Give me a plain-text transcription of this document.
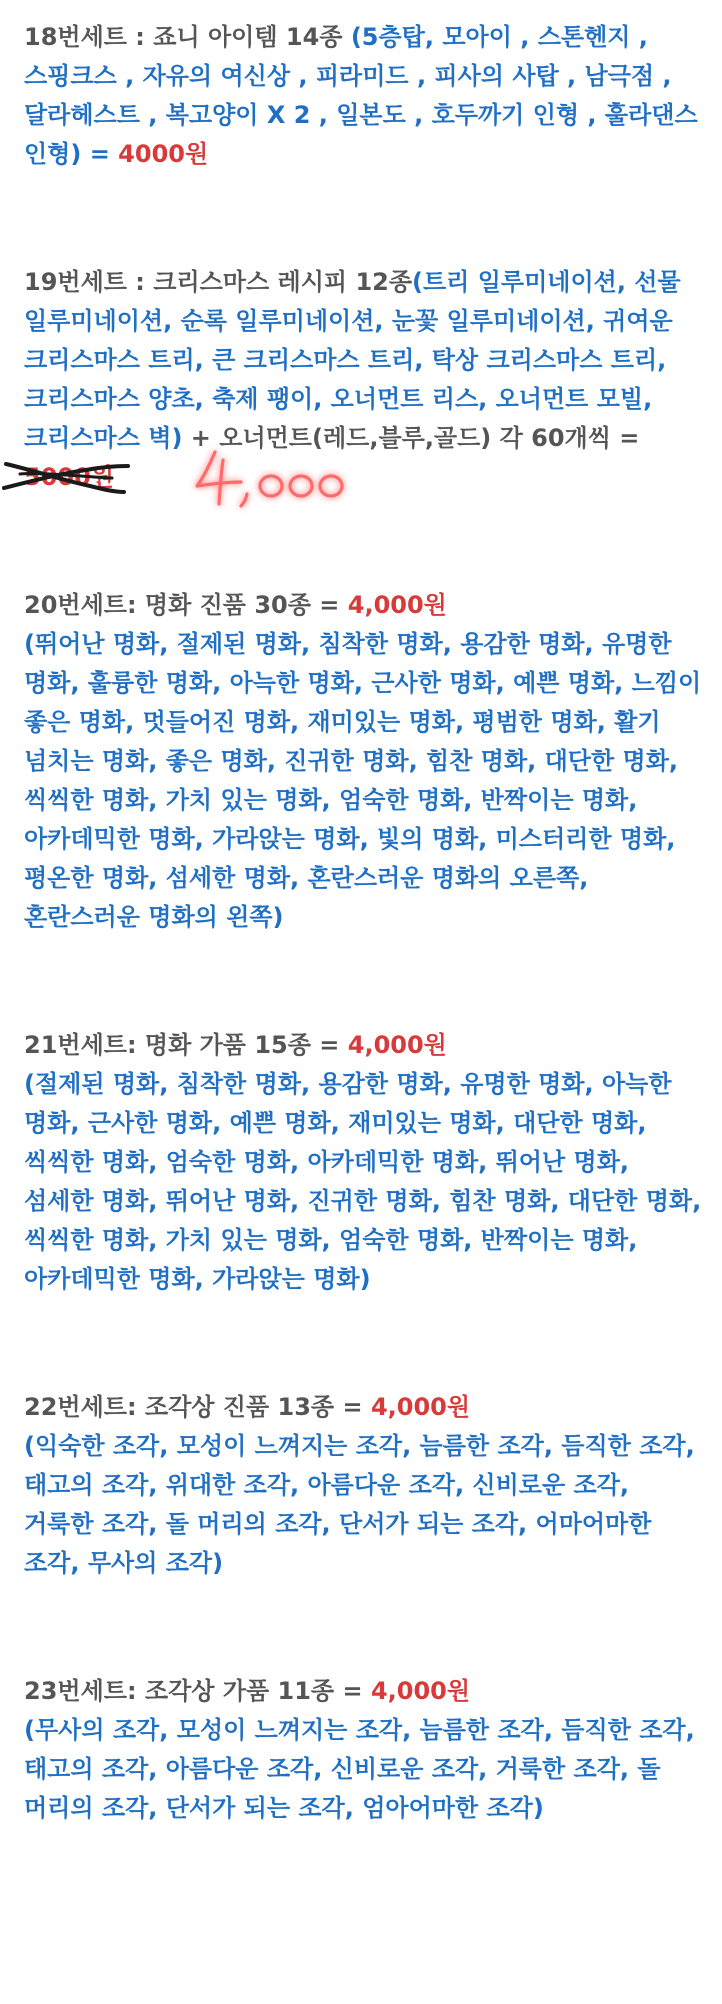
18번세트 : 죠니 아이템 14종 (5층탑, 모아이 , 스톤헨지 , 스핑크스 , 자유의 여신상 , 피라미드 , 피사의 사탑 , 남극점 , 달라헤스트 , 복고양이 X 2 , 일본도 , 호두까기 인형 , 훌라댄스 인형) = 4000원

19번세트 : 크리스마스 레시피 12종(트리 일루미네이션, 선물 일루미네이션, 순록 일루미네이션, 눈꽃 일루미네이션, 귀여운 크리스마스 트리, 큰 크리스마스 트리, 탁상 크리스마스 트리, 크리스마스 양초, 축제 팽이, 오너먼트 리스, 오너먼트 모빌, 크리스마스 벽) + 오너먼트(레드,블루,골드) 각 60개씩 = 5000원

20번세트: 명화 진품 30종 = 4,000원

(뛰어난 명화, 절제된 명화, 침착한 명화, 용감한 명화, 유명한 명화, 훌륭한 명화, 아늑한 명화, 근사한 명화, 예쁜 명화, 느낌이 좋은 명화, 멋들어진 명화, 재미있는 명화, 평범한 명화, 활기 넘치는 명화, 좋은 명화, 진귀한 명화, 힘찬 명화, 대단한 명화, 씩씩한 명화, 가치 있는 명화, 엄숙한 명화, 반짝이는 명화, 아카데믹한 명화, 가라앉는 명화, 빛의 명화, 미스터리한 명화, 평온한 명화, 섬세한 명화, 혼란스러운 명화의 오른쪽, 혼란스러운 명화의 왼쪽)

21번세트: 명화 가품 15종 = 4,000원

(절제된 명화, 침착한 명화, 용감한 명화, 유명한 명화, 아늑한 명화, 근사한 명화, 예쁜 명화, 재미있는 명화, 대단한 명화, 씩씩한 명화, 엄숙한 명화, 아카데믹한 명화, 뛰어난 명화, 섬세한 명화, 뛰어난 명화, 진귀한 명화, 힘찬 명화, 대단한 명화, 씩씩한 명화, 가치 있는 명화, 엄숙한 명화, 반짝이는 명화, 아카데믹한 명화, 가라앉는 명화)

22번세트: 조각상 진품 13종 = 4,000원

(익숙한 조각, 모성이 느껴지는 조각, 늠름한 조각, 듬직한 조각, 태고의 조각, 위대한 조각, 아름다운 조각, 신비로운 조각, 거룩한 조각, 돌 머리의 조각, 단서가 되는 조각, 어마어마한 조각, 무사의 조각)

23번세트: 조각상 가품 11종 = 4,000원

(무사의 조각, 모성이 느껴지는 조각, 늠름한 조각, 듬직한 조각, 태고의 조각, 아름다운 조각, 신비로운 조각, 거룩한 조각, 돌 머리의 조각, 단서가 되는 조각, 엄아어마한 조각)
